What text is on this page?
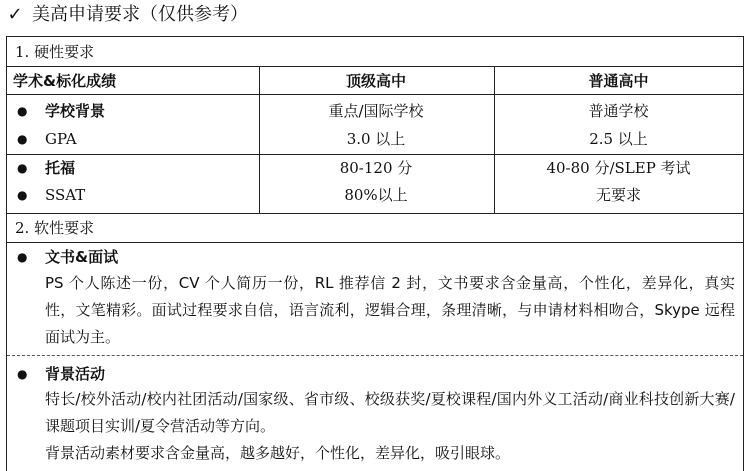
✓ 美高申请要求（仅供参考）
1. 硬性要求
学术&标化成绩	顶级高中	普通高中
● 学校背景	重点/国际学校	普通学校
● GPA	3.0 以上	2.5 以上
● 托福	80-120 分	40-80 分/SLEP 考试
● SSAT	80%以上	无要求
2. 软性要求
● 文书&面试
PS 个人陈述一份，CV 个人简历一份，RL 推荐信 2 封，文书要求含金量高，个性化，差异化，真实性，文笔精彩。面试过程要求自信，语言流利，逻辑合理，条理清晰，与申请材料相吻合，Skype 远程面试为主。
● 背景活动
特长/校外活动/校内社团活动/国家级、省市级、校级获奖/夏校课程/国内外义工活动/商业科技创新大赛/课题项目实训/夏令营活动等方向。
背景活动素材要求含金量高，越多越好，个性化，差异化，吸引眼球。
